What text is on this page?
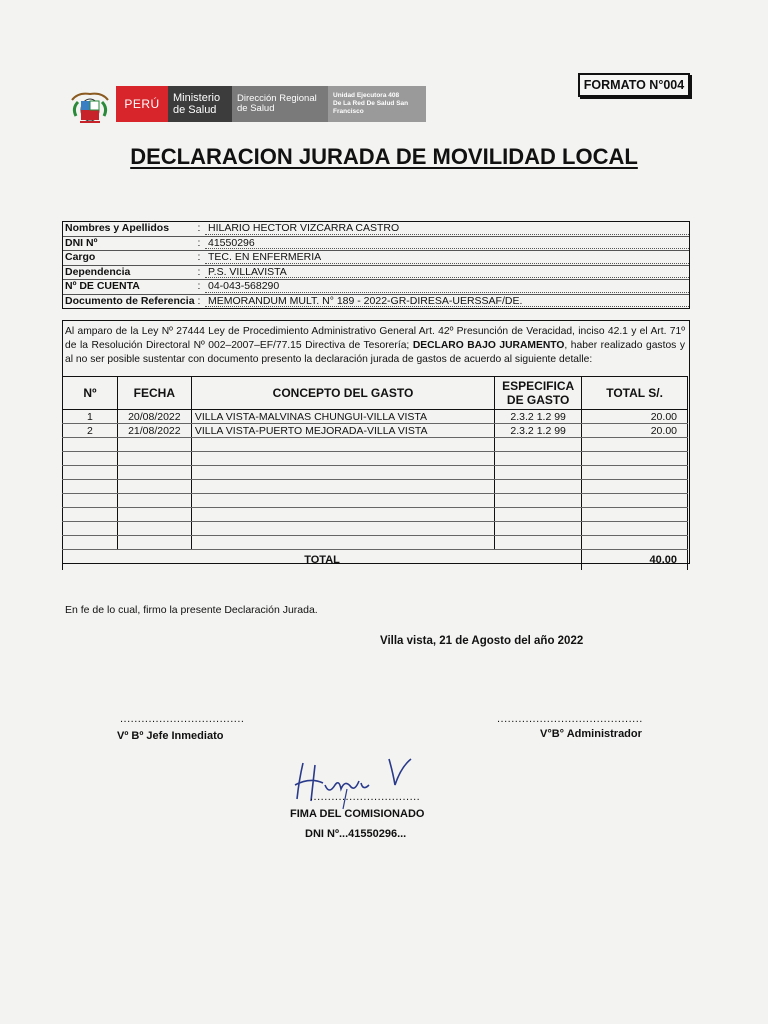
PERÚ Ministerio
de Salud
Dirección Regional
de Salud
Unidad Ejecutora 408
De La Red De Salud San
Francisco
FORMATO N°004
DECLARACION JURADA DE MOVILIDAD LOCAL
Nombres y Apellidos	: HILARIO HECTOR VIZCARRA CASTRO
DNI Nº	: 41550296
Cargo	: TEC. EN ENFERMERIA
Dependencia	: P.S. VILLAVISTA
Nº DE CUENTA	: 04-043-568290
Documento de Referencia : MEMORANDUM MULT. N° 189 - 2022-GR-DIRESA-UERSSAF/DE.
Al amparo de la Ley Nº 27444 Ley de Procedimiento Administrativo General Art. 42º Presunción de Veracidad, inciso 42.1 y el Art. 71º de la Resolución Directoral Nº 002–2007–EF/77.15 Directiva de Tesorería; DECLARO BAJO JURAMENTO, haber realizado gastos y al no ser posible sustentar con documento presento la declaración jurada de gastos de acuerdo al siguiente detalle:
Nº	FECHA	CONCEPTO DEL GASTO	ESPECIFICA
DE GASTO	TOTAL S/.
1	20/08/2022	VILLA VISTA-MALVINAS CHUNGUI-VILLA VISTA	2.3.2 1.2 99	20.00
2	21/08/2022	VILLA VISTA-PUERTO MEJORADA-VILLA VISTA	2.3.2 1.2 99	20.00

TOTAL				40.00
En fe de lo cual, firmo la presente Declaración Jurada.
Villa vista, 21 de Agosto del año 2022
...................................
Vº Bº Jefe Inmediato
.........................................
V°B° Administrador
...............................
FIMA DEL COMISIONADO
DNI Nº...41550296...
